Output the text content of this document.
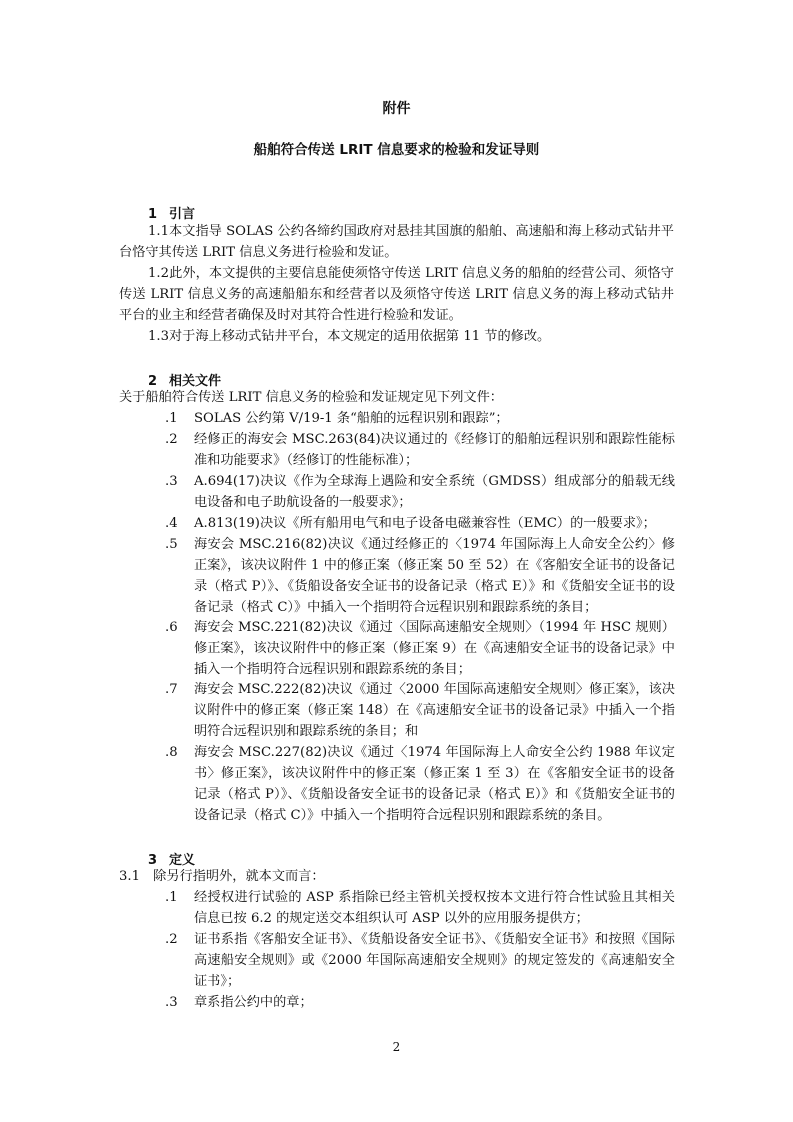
附件
船舶符合传送 LRIT 信息要求的检验和发证导则
1 引言
1.1本文指导 SOLAS 公约各缔约国政府对悬挂其国旗的船舶、高速船和海上移动式钻井平台恪守其传送 LRIT 信息义务进行检验和发证。
1.2此外，本文提供的主要信息能使须恪守传送 LRIT 信息义务的船舶的经营公司、须恪守传送 LRIT 信息义务的高速船船东和经营者以及须恪守传送 LRIT 信息义务的海上移动式钻井平台的业主和经营者确保及时对其符合性进行检验和发证。
1.3对于海上移动式钻井平台，本文规定的适用依据第 11 节的修改。
2 相关文件
关于船舶符合传送 LRIT 信息义务的检验和发证规定见下列文件：
.1 SOLAS 公约第 V/19-1 条“船舶的远程识别和跟踪”；
.2 经修正的海安会 MSC.263(84)决议通过的《经修订的船舶远程识别和跟踪性能标准和功能要求》（经修订的性能标准）；
.3 A.694(17)决议《作为全球海上遇险和安全系统（GMDSS）组成部分的船载无线电设备和电子助航设备的一般要求》；
.4 A.813(19)决议《所有船用电气和电子设备电磁兼容性（EMC）的一般要求》；
.5 海安会 MSC.216(82)决议《通过经修正的〈1974 年国际海上人命安全公约〉修正案》，该决议附件 1 中的修正案（修正案 50 至 52）在《客船安全证书的设备记录（格式 P）》、《货船设备安全证书的设备记录（格式 E）》和《货船安全证书的设备记录（格式 C）》中插入一个指明符合远程识别和跟踪系统的条目；
.6 海安会 MSC.221(82)决议《通过〈国际高速船安全规则〉（1994 年 HSC 规则）修正案》，该决议附件中的修正案（修正案 9）在《高速船安全证书的设备记录》中插入一个指明符合远程识别和跟踪系统的条目；
.7 海安会 MSC.222(82)决议《通过〈2000 年国际高速船安全规则〉修正案》，该决议附件中的修正案（修正案 148）在《高速船安全证书的设备记录》中插入一个指明符合远程识别和跟踪系统的条目；和
.8 海安会 MSC.227(82)决议《通过〈1974 年国际海上人命安全公约 1988 年议定书〉修正案》，该决议附件中的修正案（修正案 1 至 3）在《客船安全证书的设备记录（格式 P）》、《货船设备安全证书的设备记录（格式 E）》和《货船安全证书的设备记录（格式 C）》中插入一个指明符合远程识别和跟踪系统的条目。
3 定义
3.1　除另行指明外，就本文而言：
.1 经授权进行试验的 ASP 系指除已经主管机关授权按本文进行符合性试验且其相关信息已按 6.2 的规定送交本组织认可 ASP 以外的应用服务提供方；
.2 证书系指《客船安全证书》、《货船设备安全证书》、《货船安全证书》和按照《国际高速船安全规则》或《2000 年国际高速船安全规则》的规定签发的《高速船安全证书》；
.3 章系指公约中的章；
2
